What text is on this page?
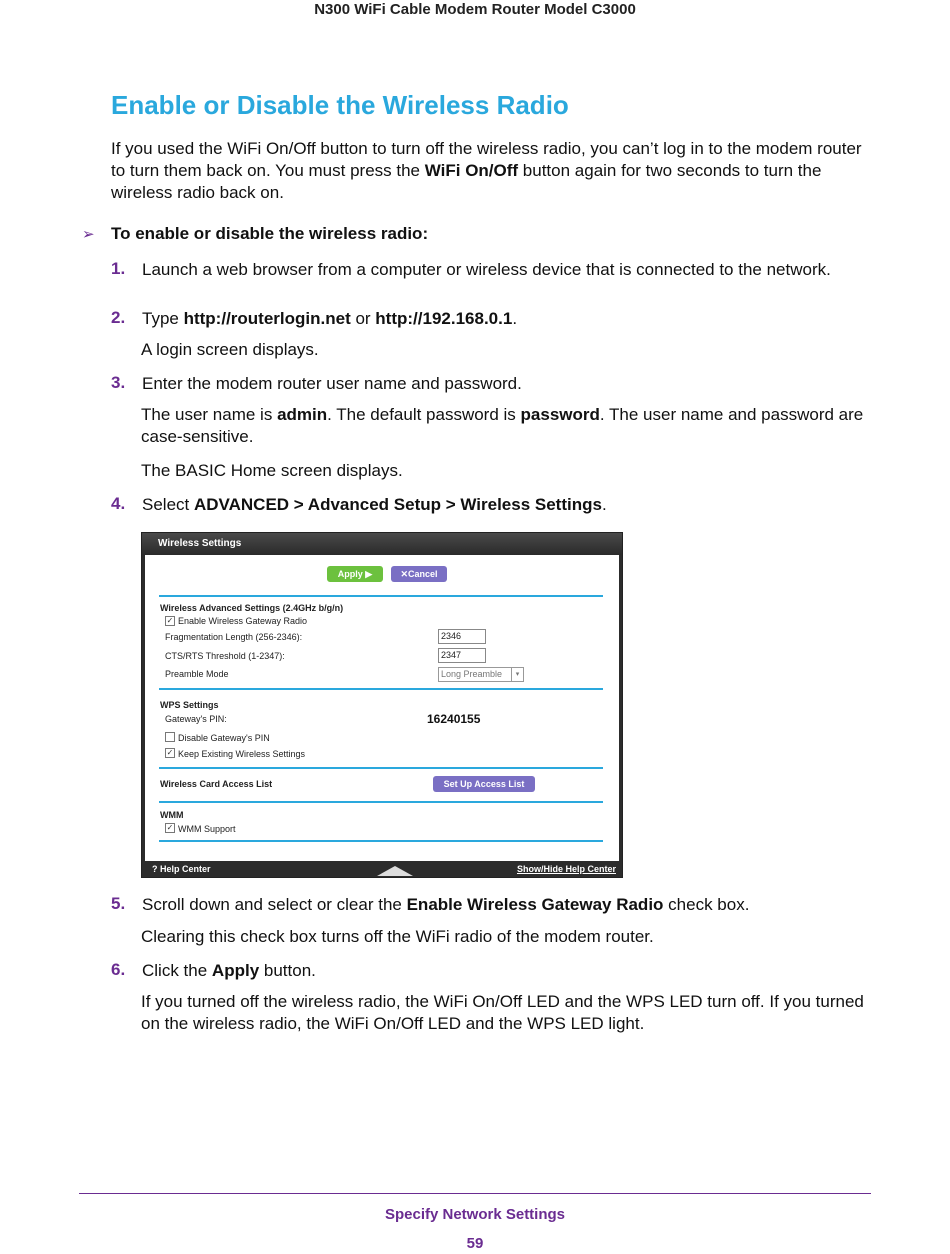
N300 WiFi Cable Modem Router Model C3000
Enable or Disable the Wireless Radio
If you used the WiFi On/Off button to turn off the wireless radio, you can’t log in to the modem router to turn them back on. You must press the WiFi On/Off button again for two seconds to turn the wireless radio back on.
➢ To enable or disable the wireless radio:
1. Launch a web browser from a computer or wireless device that is connected to the network.
2. Type http://routerlogin.net or http://192.168.0.1.
A login screen displays.
3. Enter the modem router user name and password.
The user name is admin. The default password is password. The user name and password are case-sensitive.
The BASIC Home screen displays.
4. Select ADVANCED > Advanced Setup > Wireless Settings.
Wireless Settings
Apply ▶	✕Cancel
Wireless Advanced Settings (2.4GHz b/g/n)
✓ Enable Wireless Gateway Radio
Fragmentation Length (256-2346):	2346
CTS/RTS Threshold (1-2347):	2347
Preamble Mode	Long Preamble	▾
WPS Settings
Gateway's PIN:	16240155
Disable Gateway's PIN
✓ Keep Existing Wireless Settings
Wireless Card Access List	Set Up Access List
WMM
✓ WMM Support
? Help Center	Show/Hide Help Center
5. Scroll down and select or clear the Enable Wireless Gateway Radio check box.
Clearing this check box turns off the WiFi radio of the modem router.
6. Click the Apply button.
If you turned off the wireless radio, the WiFi On/Off LED and the WPS LED turn off. If you turned on the wireless radio, the WiFi On/Off LED and the WPS LED light.
Specify Network Settings
59
